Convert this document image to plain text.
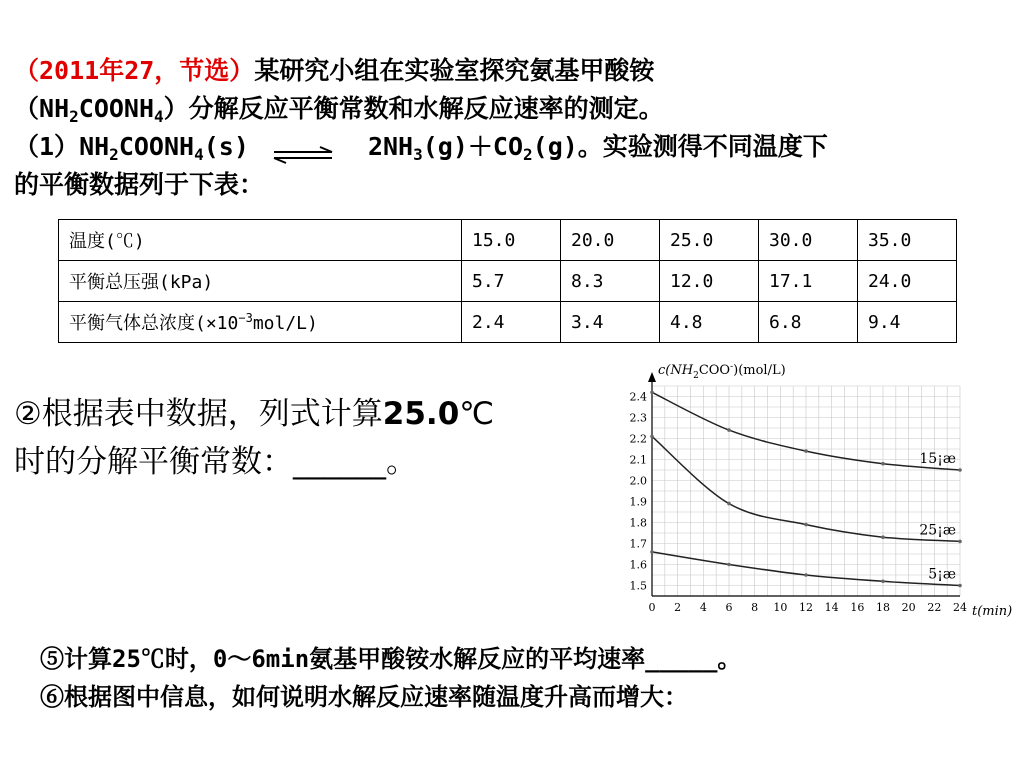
（2011年27，节选）某研究小组在实验室探究氨基甲酸铵
$(NH_2COONH_4)$分解反应平衡常数和水解反应速率的测定。
$(1)NH_2COONH_4(s)$	$2NH_3(g)+CO_2(g)$。实验测得不同温度下
的平衡数据列于下表：
温度(℃)	15.0	20.0	25.0	30.0	35.0
平衡总压强(kPa)	5.7	8.3	12.0	17.1	24.0
平衡气体总浓度$(\times 10^{-3}mol/L)$	2.4	3.4	4.8	6.8	9.4
②根据表中数据，列式计算25.0℃
时的分解平衡常数：______。
1.5
1.6
1.7
1.8
1.9
2.0
2.1
2.2
2.3
2.4
0 2 4 6 8 10 12 14 16 18 20 22 24
15¡æ
25¡æ
5¡æ
$c(NH_2COO^-)(mol/L)$
t(min)
⑤计算25℃时，0～6min氨基甲酸铵水解反应的平均速率_____。
⑥根据图中信息，如何说明水解反应速率随温度升高而增大：
